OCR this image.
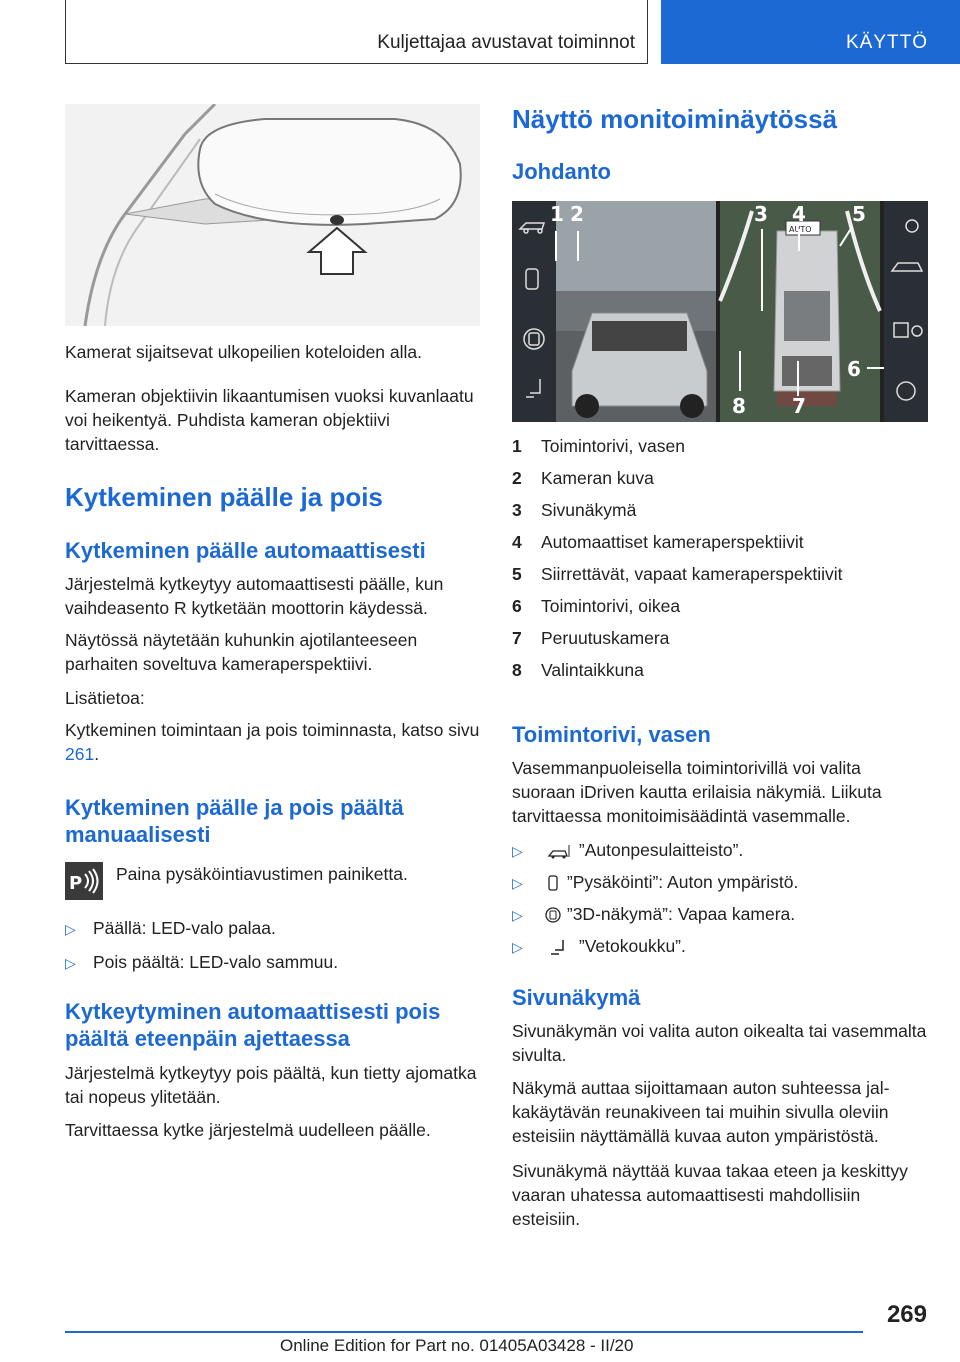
Kuljettajaa avustavat toiminnot	KÄYTTÖ

Kamerat sijaitsevat ulkopeilien koteloiden alla.

Kameran objektiivin likaantumisen vuoksi kuvanlaatu voi heikentyä. Puhdista kameran objektiivi tarvittaessa.

Kytkeminen päälle ja pois
Kytkeminen päälle automaattisesti

Järjestelmä kytkeytyy automaattisesti päälle, kun vaihdeasento R kytketään moottorin käydessä.

Näytössä näytetään kuhunkin ajotilanteeseen parhaiten soveltuva kameraperspektiivi.

Lisätietoa:

Kytkeminen toimintaan ja pois toiminnasta, katso sivu 261.

Kytkeminen päälle ja pois päältä
manuaalisesti
P Paina pysäköintiavustimen painiketta.

▷ Päällä: LED-valo palaa.
▷ Pois päältä: LED-valo sammuu.
Kytkeytyminen automaattisesti pois
päältä eteenpäin ajettaessa

Järjestelmä kytkeytyy pois päältä, kun tietty ajomatka tai nopeus ylitetään.

Tarvittaessa kytke järjestelmä uudelleen päälle.

Näyttö monitoiminäytössä
Johdanto
AUTO
1 2	3 4 5
6
7
8
1 Toimintorivi, vasen
2 Kameran kuva
3 Sivunäkymä
4 Automaattiset kameraperspektiivit
5 Siirrettävät, vapaat kameraperspektiivit
6 Toimintorivi, oikea
7 Peruutuskamera
8 Valintaikkuna
Toimintorivi, vasen

Vasemmanpuoleisella toimintorivillä voi valita suoraan iDriven kautta erilaisia näkymiä. Liikuta tarvittaessa monitoimisäädintä vasemmalle.

▷	”Autonpesulaitteisto”.
▷	”Pysäköinti”: Auton ympäristö.
▷	”3D-näkymä”: Vapaa kamera.
▷	”Vetokoukku”.
Sivunäkymä

Sivunäkymän voi valita auton oikealta tai vasemmalta sivulta.

Näkymä auttaa sijoittamaan auton suhteessa jalkakäytävän reunakiveen tai muihin sivulla oleviin esteisiin näyttämällä kuvaa auton ympäristöstä.

Sivunäkymä näyttää kuvaa takaa eteen ja keskittyy vaaran uhatessa automaattisesti mahdollisiin esteisiin.

269
Online Edition for Part no. 01405A03428 - II/20
